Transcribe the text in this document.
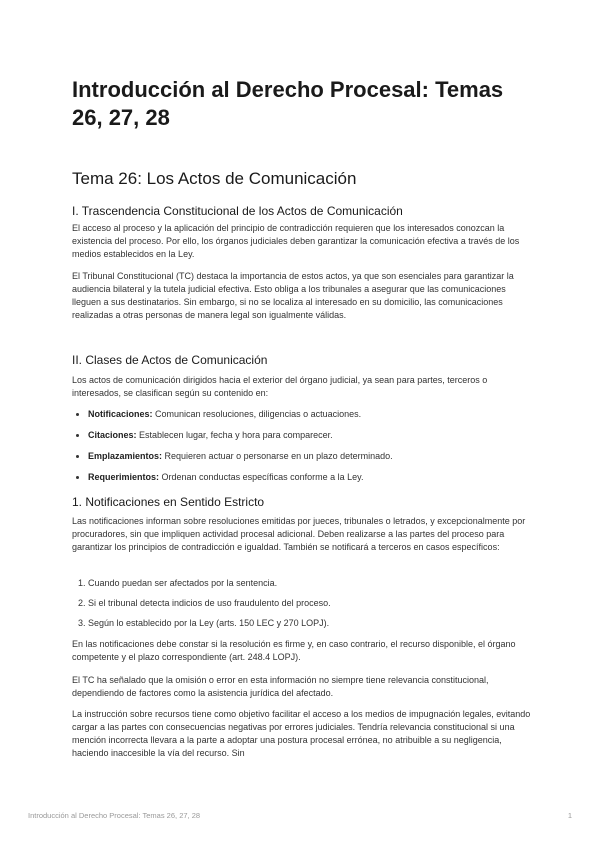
Introducción al Derecho Procesal: Temas 26, 27, 28
Tema 26: Los Actos de Comunicación
I. Trascendencia Constitucional de los Actos de Comunicación

El acceso al proceso y la aplicación del principio de contradicción requieren que los interesados conozcan la existencia del proceso. Por ello, los órganos judiciales deben garantizar la comunicación efectiva a través de los medios establecidos en la Ley.

El Tribunal Constitucional (TC) destaca la importancia de estos actos, ya que son esenciales para garantizar la audiencia bilateral y la tutela judicial efectiva. Esto obliga a los tribunales a asegurar que las comunicaciones lleguen a sus destinatarios. Sin embargo, si no se localiza al interesado en su domicilio, las comunicaciones realizadas a otras personas de manera legal son igualmente válidas.

II. Clases de Actos de Comunicación

Los actos de comunicación dirigidos hacia el exterior del órgano judicial, ya sean para partes, terceros o interesados, se clasifican según su contenido en:

• Notificaciones: Comunican resoluciones, diligencias o actuaciones.
• Citaciones: Establecen lugar, fecha y hora para comparecer.
• Emplazamientos: Requieren actuar o personarse en un plazo determinado.
• Requerimientos: Ordenan conductas específicas conforme a la Ley.
1. Notificaciones en Sentido Estricto

Las notificaciones informan sobre resoluciones emitidas por jueces, tribunales o letrados, y excepcionalmente por procuradores, sin que impliquen actividad procesal adicional. Deben realizarse a las partes del proceso para garantizar los principios de contradicción e igualdad. También se notificará a terceros en casos específicos:

1. Cuando puedan ser afectados por la sentencia.
2. Si el tribunal detecta indicios de uso fraudulento del proceso.
3. Según lo establecido por la Ley (arts. 150 LEC y 270 LOPJ).

En las notificaciones debe constar si la resolución es firme y, en caso contrario, el recurso disponible, el órgano competente y el plazo correspondiente (art. 248.4 LOPJ).

El TC ha señalado que la omisión o error en esta información no siempre tiene relevancia constitucional, dependiendo de factores como la asistencia jurídica del afectado.

La instrucción sobre recursos tiene como objetivo facilitar el acceso a los medios de impugnación legales, evitando cargar a las partes con consecuencias negativas por errores judiciales. Tendría relevancia constitucional si una mención incorrecta llevara a la parte a adoptar una postura procesal errónea, no atribuible a su negligencia, haciendo inaccesible la vía del recurso. Sin

Introducción al Derecho Procesal: Temas 26, 27, 28	1
